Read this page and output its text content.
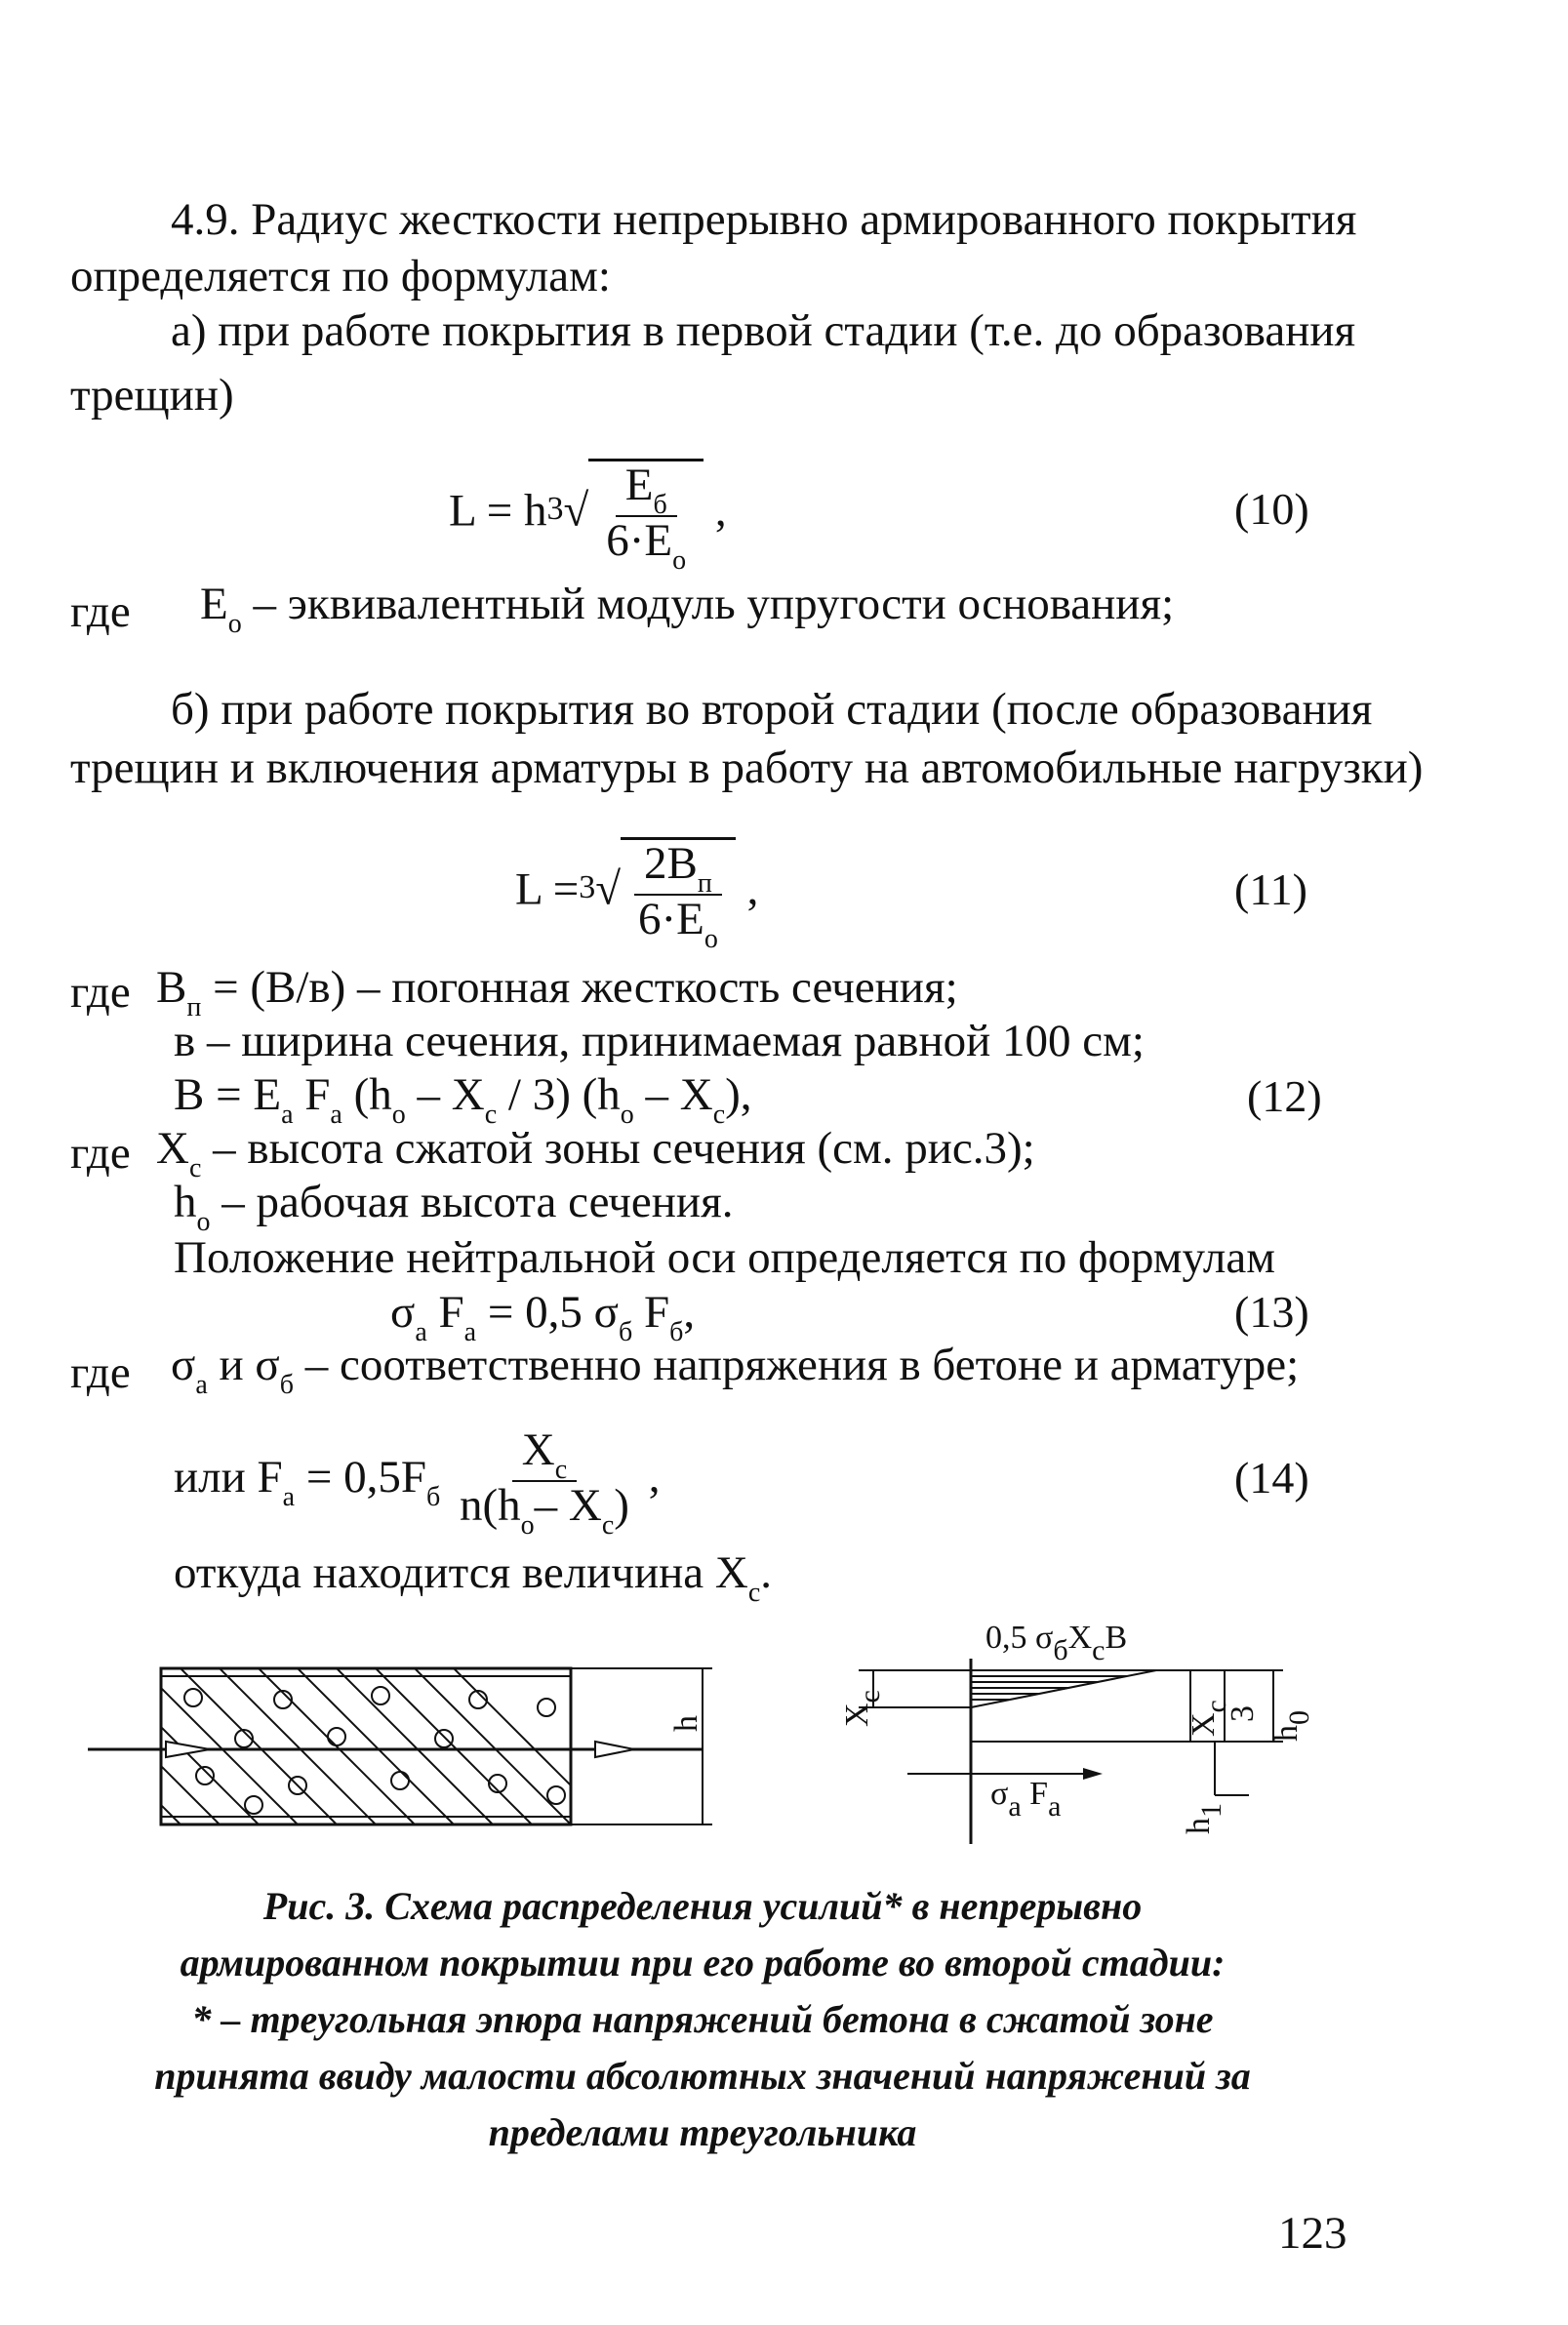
4.9. Радиус жесткости непрерывно армированного покрытия
определяется по формулам:
а) при работе покрытия в первой стадии (т.е. до образования
трещин)
$L = h^3√ \frac{E_б}{6\cdot E_o}$ ,	(10)
где $E_o$ – эквивалентный модуль упругости основания;
б) при работе покрытия во второй стадии (после образования
трещин и включения арматуры в работу на автомобильные нагрузки)
$L =^3√ \frac{2B_п}{6\cdot E_o}$ ,	(11)
где $B_п = (B/в)$ – погонная жесткость сечения;
в – ширина сечения, принимаемая равной 100 см;
$B = E_a$ $F_a$ $(h_o - X_c / 3)$ $(h_o - X_c)$,	(12)
где $X_c$ – высота сжатой зоны сечения (см. рис.3);
$h_o$ – рабочая высота сечения.
Положение нейтральной оси определяется по формулам
$\sigma_a$ $F_a = 0,5$ $\sigma_б$ $F_б$,	(13)
где $\sigma_a$ и $\sigma_б$ – соответственно напряжения в бетоне и арматуре;
или $F_a = 0,5F_б \frac{X_c}{n(h_o- X_c)}$ ,	(14)
откуда находится величина $X_c$.
h
0,5 σбXcB
Xc
Xc
3
h0
h1
σa Fa
Рис. 3. Схема распределения усилий* в непрерывно
армированном покрытии при его работе во второй стадии:
* – треугольная эпюра напряжений бетона в сжатой зоне
принята ввиду малости абсолютных значений напряжений за
пределами треугольника
123
